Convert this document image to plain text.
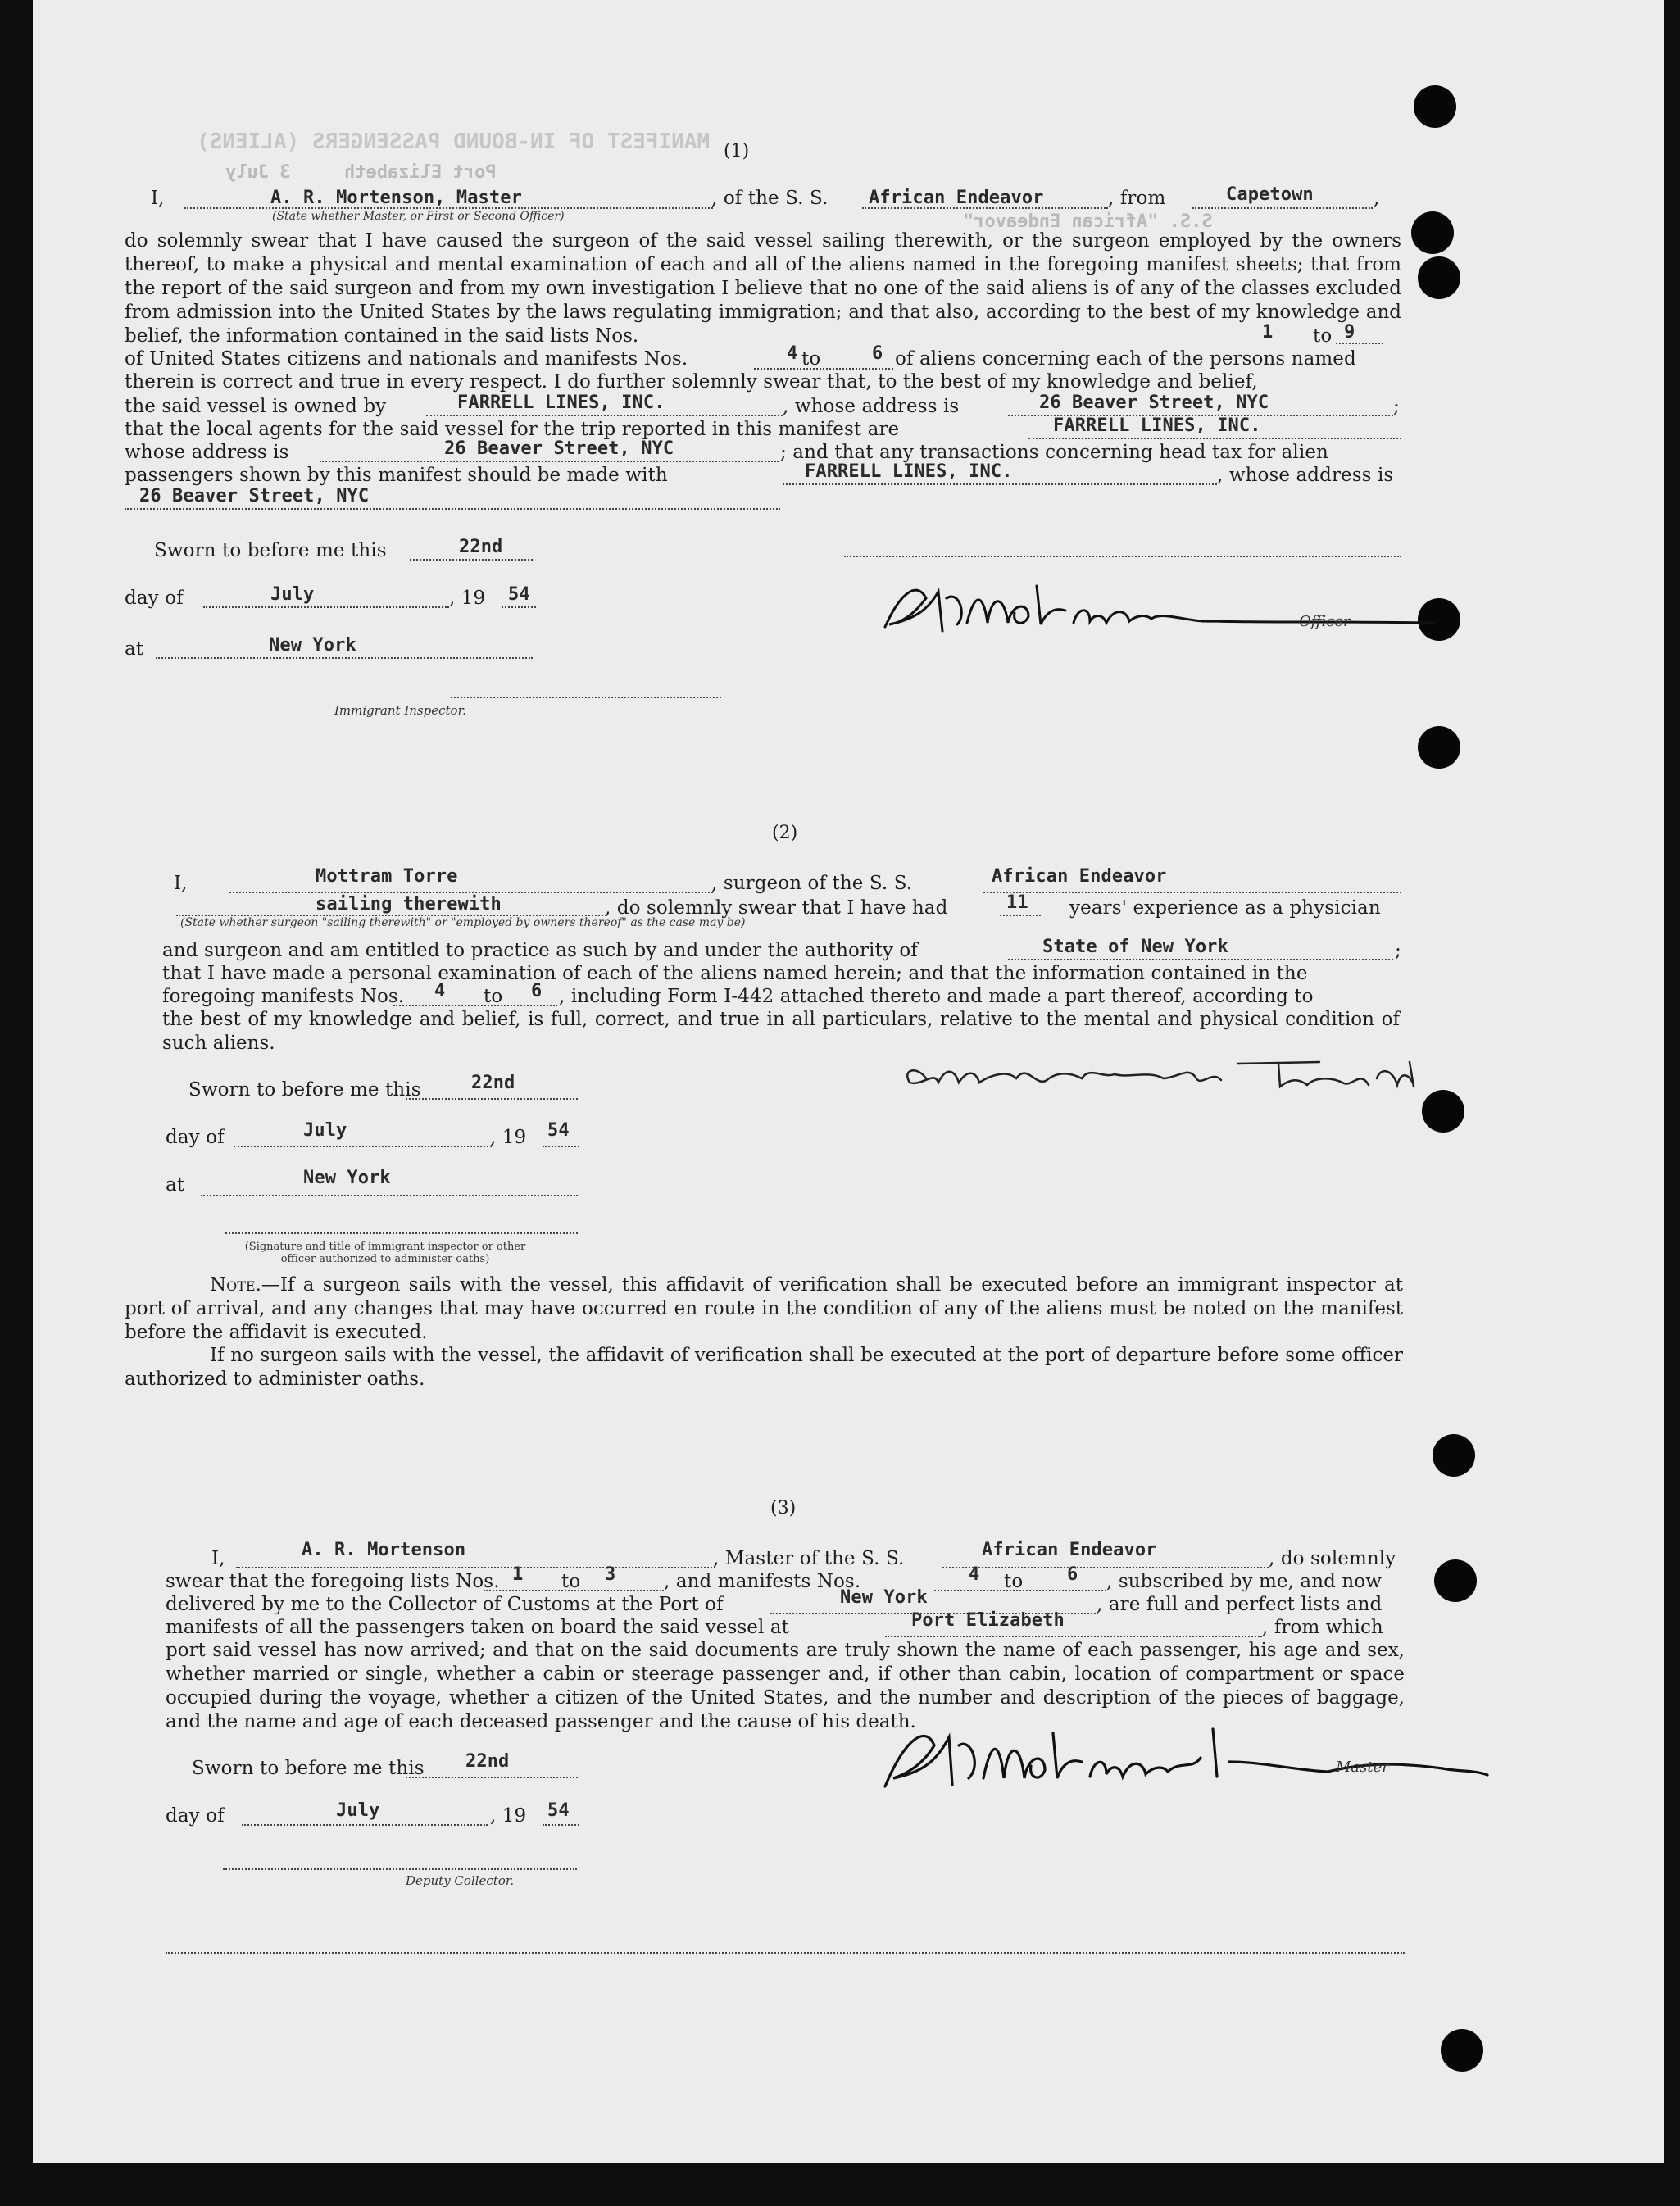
MANIFEST OF IN-BOUND PASSENGERS (ALIENS)
Port Elizabeth
3 July
S.S. "African Endeavor"
(1)
I,	A. R. Mortenson, Master
(State whether Master, or First or Second Officer)
, of the S. S. African Endeavor	, from	Capetown	,
do solemnly swear that I have caused the surgeon of the said vessel sailing therewith, or the surgeon employed by the owners thereof, to make a physical and mental examination of each and all of the aliens named in the foregoing manifest sheets; that from the report of the said surgeon and from my own investigation I believe that no one of the said aliens is of any of the classes excluded from admission into the United States by the laws regulating immigration; and that also, according to the best of my knowledge and belief, the information contained in the said lists Nos.	1 to 9
of United States citizens and nationals and manifests Nos.	4 to	6 of aliens concerning each of the persons named
therein is correct and true in every respect. I do further solemnly swear that, to the best of my knowledge and belief,
the said vessel is owned by	FARRELL LINES, INC.	, whose address is	26 Beaver Street, NYC	;
that the local agents for the said vessel for the trip reported in this manifest are	FARRELL LINES, INC.
whose address is	26 Beaver Street, NYC	; and that any transactions concerning head tax for alien
passengers shown by this manifest should be made with	FARRELL LINES, INC.	, whose address is
26 Beaver Street, NYC
Sworn to before me this	22nd
day of	July	, 19 54
at	New York
Immigrant Inspector.
Officer
(2)
I,	Mottram Torre	, surgeon of the S. S.	African Endeavor
sailing therewith
(State whether surgeon "sailing therewith" or "employed by owners thereof" as the case may be)
, do solemnly swear that I have had	11 years' experience as a physician
and surgeon and am entitled to practice as such by and under the authority of	State of New York	;
that I have made a personal examination of each of the aliens named herein; and that the information contained in the
foregoing manifests Nos. 4 to 6 , including Form I-442 attached thereto and made a part thereof, according to
the best of my knowledge and belief, is full, correct, and true in all particulars, relative to the mental and physical condition of such aliens.
Sworn to before me this	22nd
day of	July	, 19 54
at	New York
(Signature and title of immigrant inspector or other officer authorized to administer oaths)
Note.—If a surgeon sails with the vessel, this affidavit of verification shall be executed before an immigrant inspector at port of arrival, and any changes that may have occurred en route in the condition of any of the aliens must be noted on the manifest before the affidavit is executed.
If no surgeon sails with the vessel, the affidavit of verification shall be executed at the port of departure before some officer authorized to administer oaths.
(3)
I,	A. R. Mortenson	, Master of the S. S.	African Endeavor	, do solemnly
swear that the foregoing lists Nos. 1 to 3	, and manifests Nos.	4 to 6 , subscribed by me, and now
delivered by me to the Collector of Customs at the Port of	New York	, are full and perfect lists and
manifests of all the passengers taken on board the said vessel at	Port Elizabeth	, from which
port said vessel has now arrived; and that on the said documents are truly shown the name of each passenger, his age and sex, whether married or single, whether a cabin or steerage passenger and, if other than cabin, location of compartment or space occupied during the voyage, whether a citizen of the United States, and the number and description of the pieces of baggage, and the name and age of each deceased passenger and the cause of his death.
Sworn to before me this 22nd
day of	July	, 19 54
Deputy Collector.
Master
